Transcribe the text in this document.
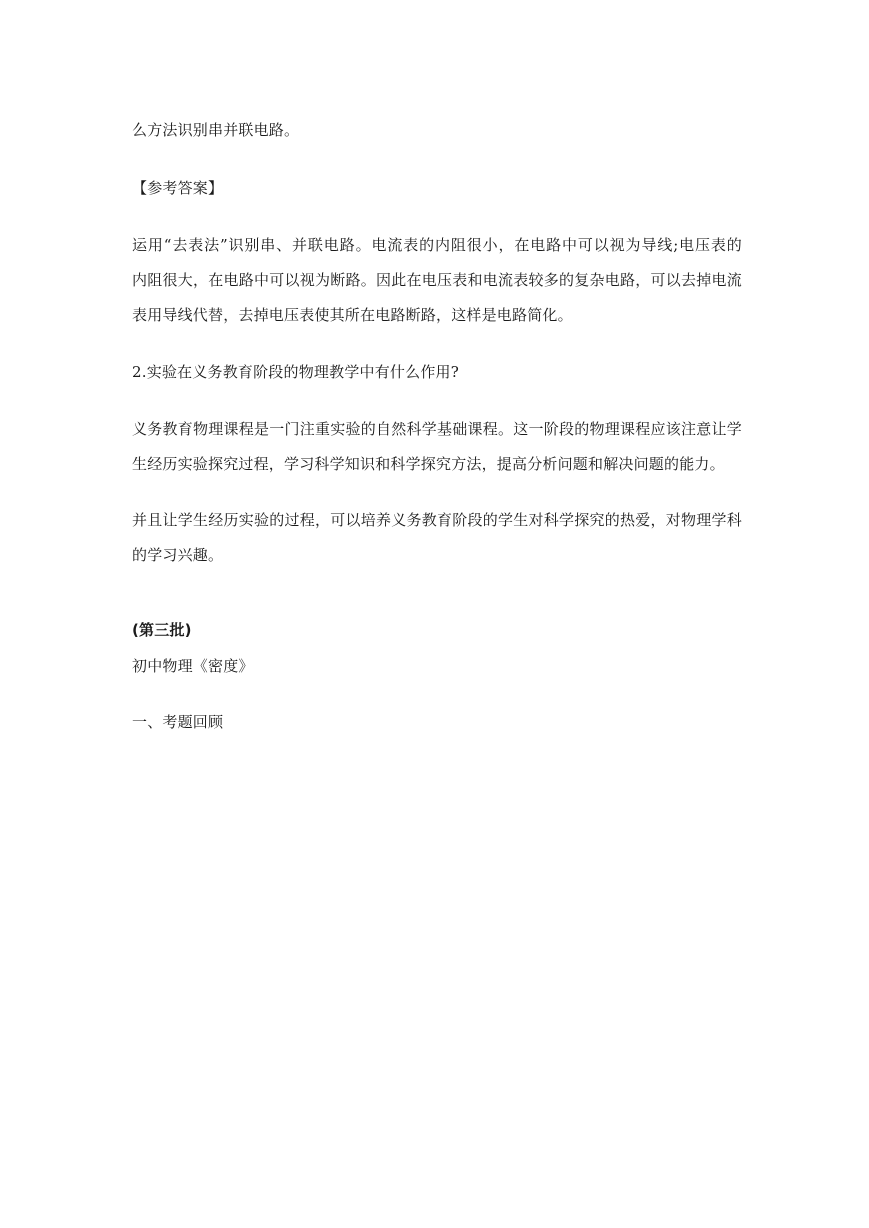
么方法识别串并联电路。
【参考答案】
运用“去表法”识别串、并联电路。电流表的内阻很小，在电路中可以视为导线;电压表的
内阻很大，在电路中可以视为断路。因此在电压表和电流表较多的复杂电路，可以去掉电流
表用导线代替，去掉电压表使其所在电路断路，这样是电路简化。
2.实验在义务教育阶段的物理教学中有什么作用?
义务教育物理课程是一门注重实验的自然科学基础课程。这一阶段的物理课程应该注意让学
生经历实验探究过程，学习科学知识和科学探究方法，提高分析问题和解决问题的能力。
并且让学生经历实验的过程，可以培养义务教育阶段的学生对科学探究的热爱，对物理学科
的学习兴趣。
(第三批)
初中物理《密度》
一、考题回顾
